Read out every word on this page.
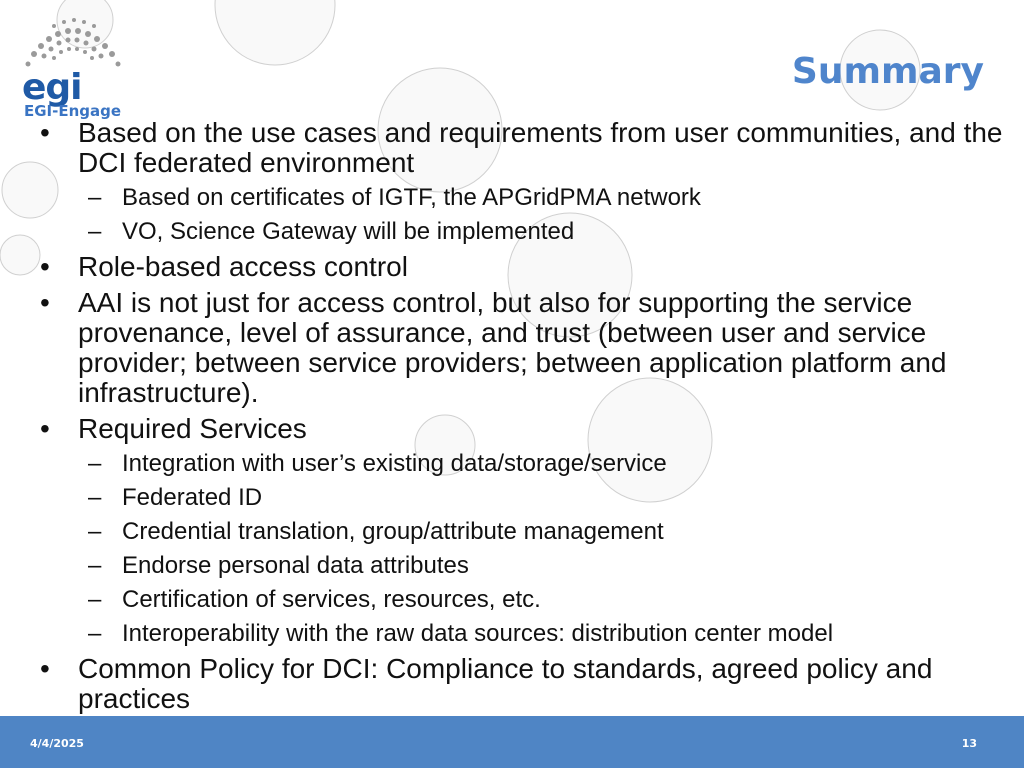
egi
EGI-Engage
Summary
• Based on the use cases and requirements from user communities, and the DCI federated environment
– Based on certificates of IGTF, the APGridPMA network
– VO, Science Gateway will be implemented
• Role-based access control
• AAI is not just for access control, but also for supporting the service provenance, level of assurance, and trust (between user and service provider; between service providers; between application platform and infrastructure).
• Required Services
– Integration with user’s existing data/storage/service
– Federated ID
– Credential translation, group/attribute management
– Endorse personal data attributes
– Certification of services, resources, etc.
– Interoperability with the raw data sources: distribution center model
• Common Policy for DCI: Compliance to standards, agreed policy and practices
4/4/2025	13
